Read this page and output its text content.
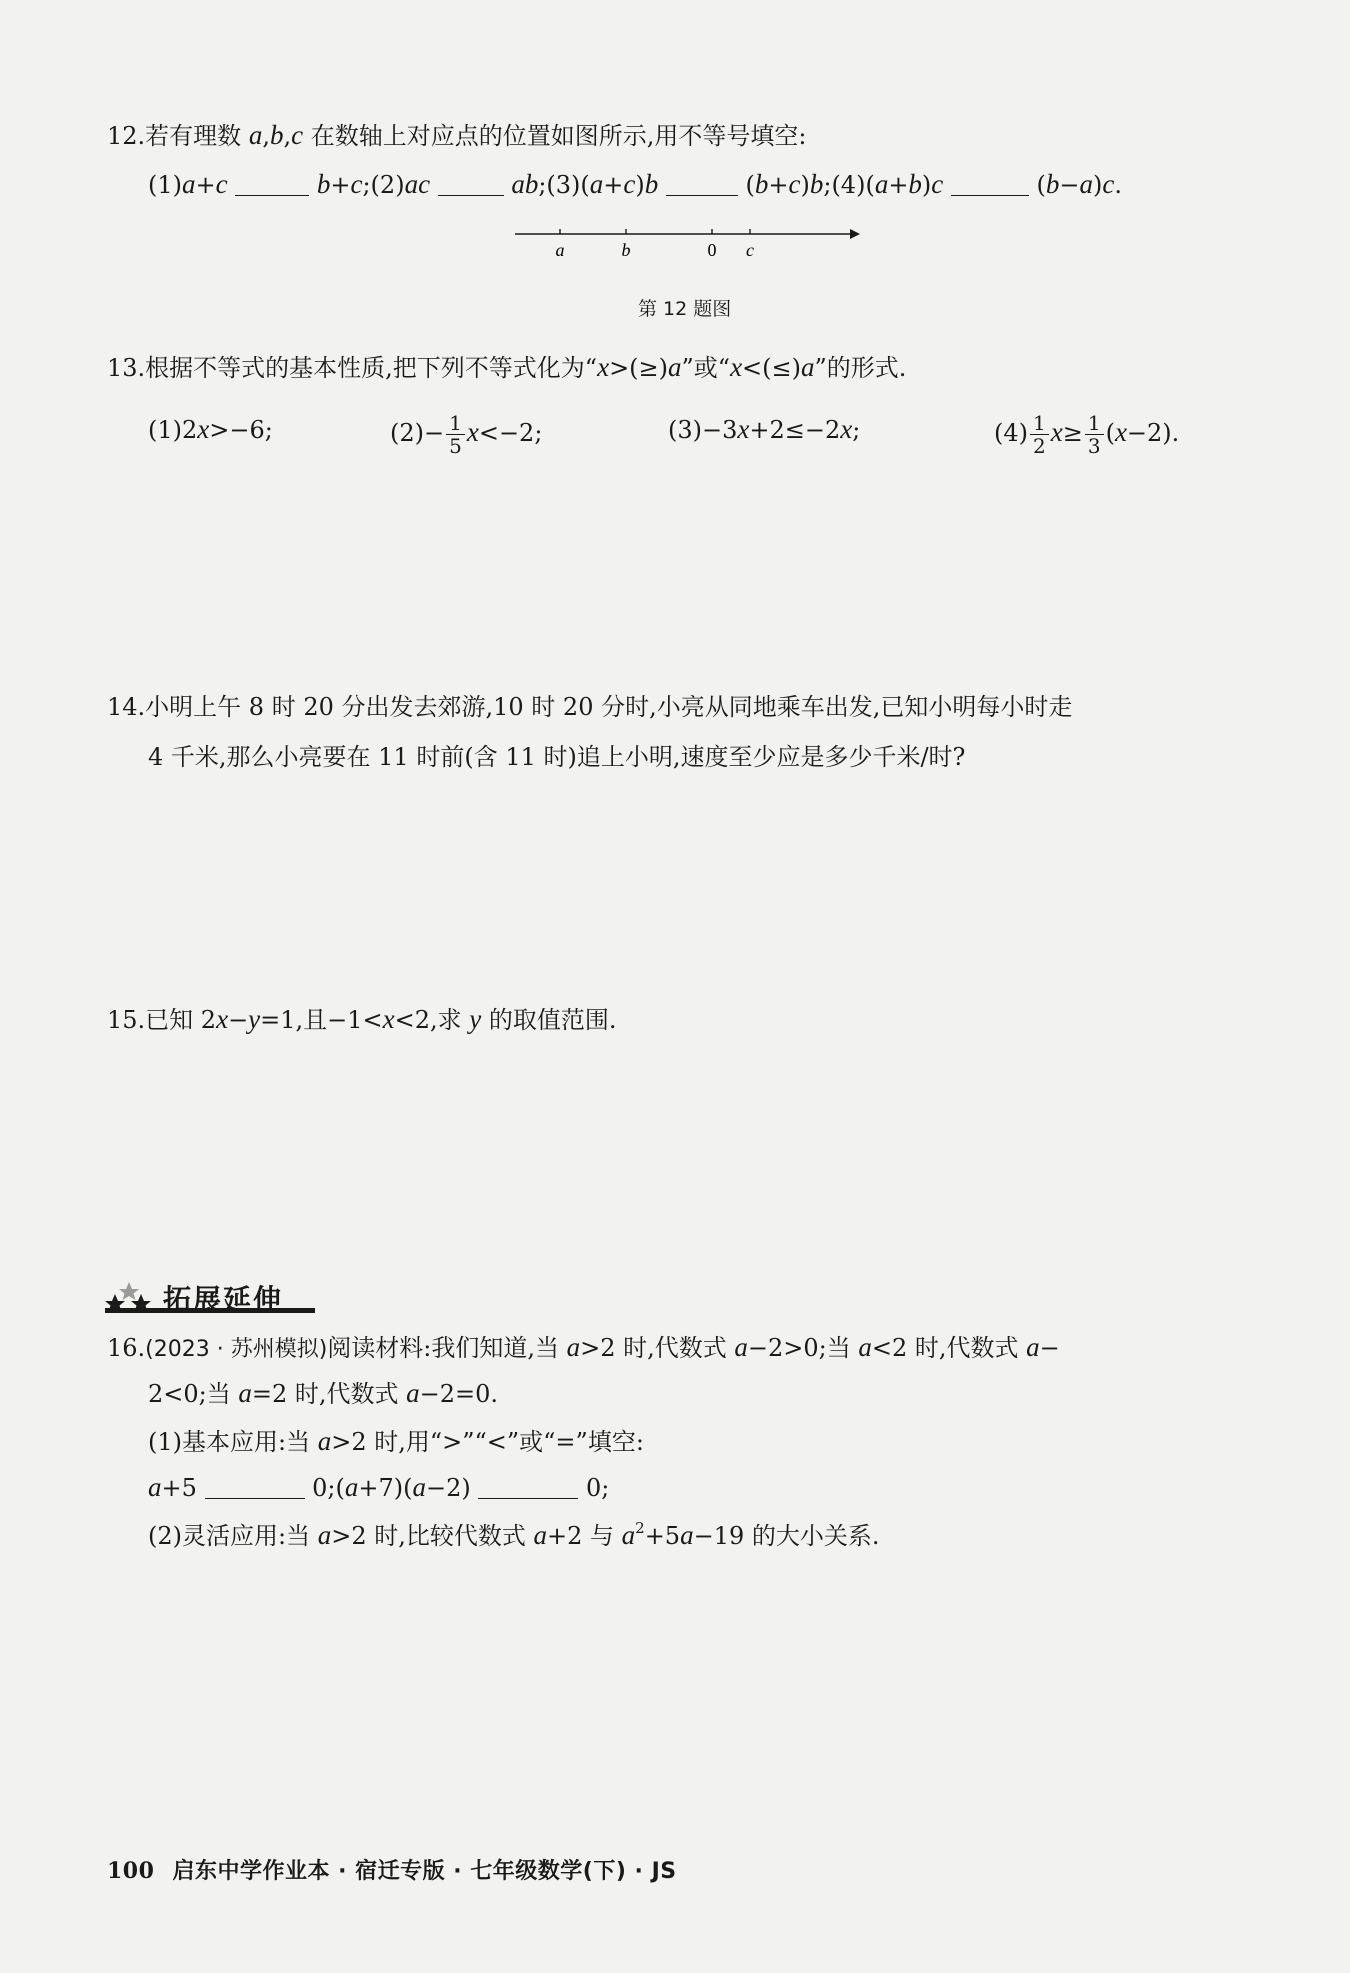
12.若有理数 a,b,c 在数轴上对应点的位置如图所示,用不等号填空:
(1)a+c	b+c;(2)ac	ab;(3)(a+c)b	(b+c)b;(4)(a+b)c	(b−a)c.
a	b	0 c
第 12 题图
13.根据不等式的基本性质,把下列不等式化为“x>(≥)a”或“x<(≤)a”的形式.
(1)2x>−6;	$(2)- \frac{1}{5} x<-2$;	(3)−3x+2≤−2x;	$(4) \frac{1}{2} x\ge \frac{1}{3} (x-2)$.
14.小明上午 8 时 20 分出发去郊游,10 时 20 分时,小亮从同地乘车出发,已知小明每小时走
4 千米,那么小亮要在 11 时前(含 11 时)追上小明,速度至少应是多少千米/时?
15.已知 2x−y=1,且−1<x<2,求 y 的取值范围.
拓展延伸
16.(2023 · 苏州模拟)阅读材料:我们知道,当 a>2 时,代数式 a−2>0;当 a<2 时,代数式 a−
2<0;当 a=2 时,代数式 a−2=0.
(1)基本应用:当 a>2 时,用“>”“<”或“=”填空:
a+5	0;(a+7)(a−2)	0;
(2)灵活应用:当 a>2 时,比较代数式 a+2 与 $a^2+5a-19$ 的大小关系.
100 启东中学作业本 · 宿迁专版 · 七年级数学(下) · JS
